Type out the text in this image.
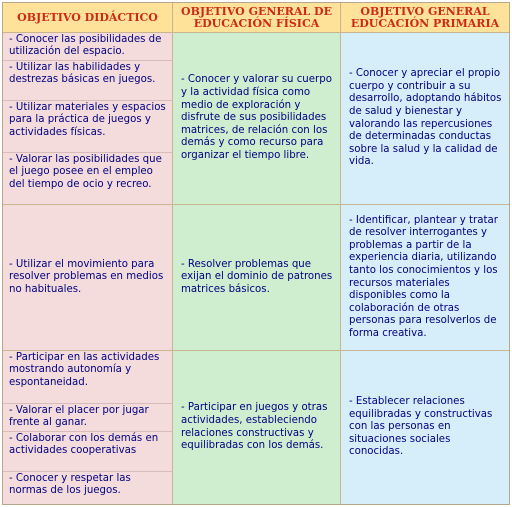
OBJETIVO DIDÁCTICO	OBJETIVO GENERAL DE EDUCACIÓN FÍSICA
OBJETIVO GENERAL EDUCACIÓN PRIMARIA
- Conocer las posibilidades de utilización del espacio.
- Utilizar las habilidades y destrezas básicas en juegos.
- Utilizar materiales y espacios para la práctica de juegos y actividades físicas.
- Valorar las posibilidades que el juego posee en el empleo del tiempo de ocio y recreo.
- Utilizar el movimiento para resolver problemas en medios no habituales.
- Participar en las actividades mostrando autonomía y espontaneidad.
- Valorar el placer por jugar frente al ganar.
- Colaborar con los demás en actividades cooperativas
- Conocer y respetar las normas de los juegos.
- Conocer y valorar su cuerpo y la actividad física como medio de exploración y disfrute de sus posibilidades matrices, de relación con los demás y como recurso para organizar el tiempo libre.
- Resolver problemas que exijan el dominio de patrones matrices básicos.
- Participar en juegos y otras actividades, estableciendo relaciones constructivas y equilibradas con los demás.
- Conocer y apreciar el propio cuerpo y contribuir a su desarrollo, adoptando hábitos de salud y bienestar y valorando las repercusiones de determinadas conductas sobre la salud y la calidad de vida.
- Identificar, plantear y tratar de resolver interrogantes y problemas a partir de la experiencia diaria, utilizando tanto los conocimientos y los recursos materiales disponibles como la colaboración de otras personas para resolverlos de forma creativa.
- Establecer relaciones equilibradas y constructivas con las personas en situaciones sociales conocidas.
